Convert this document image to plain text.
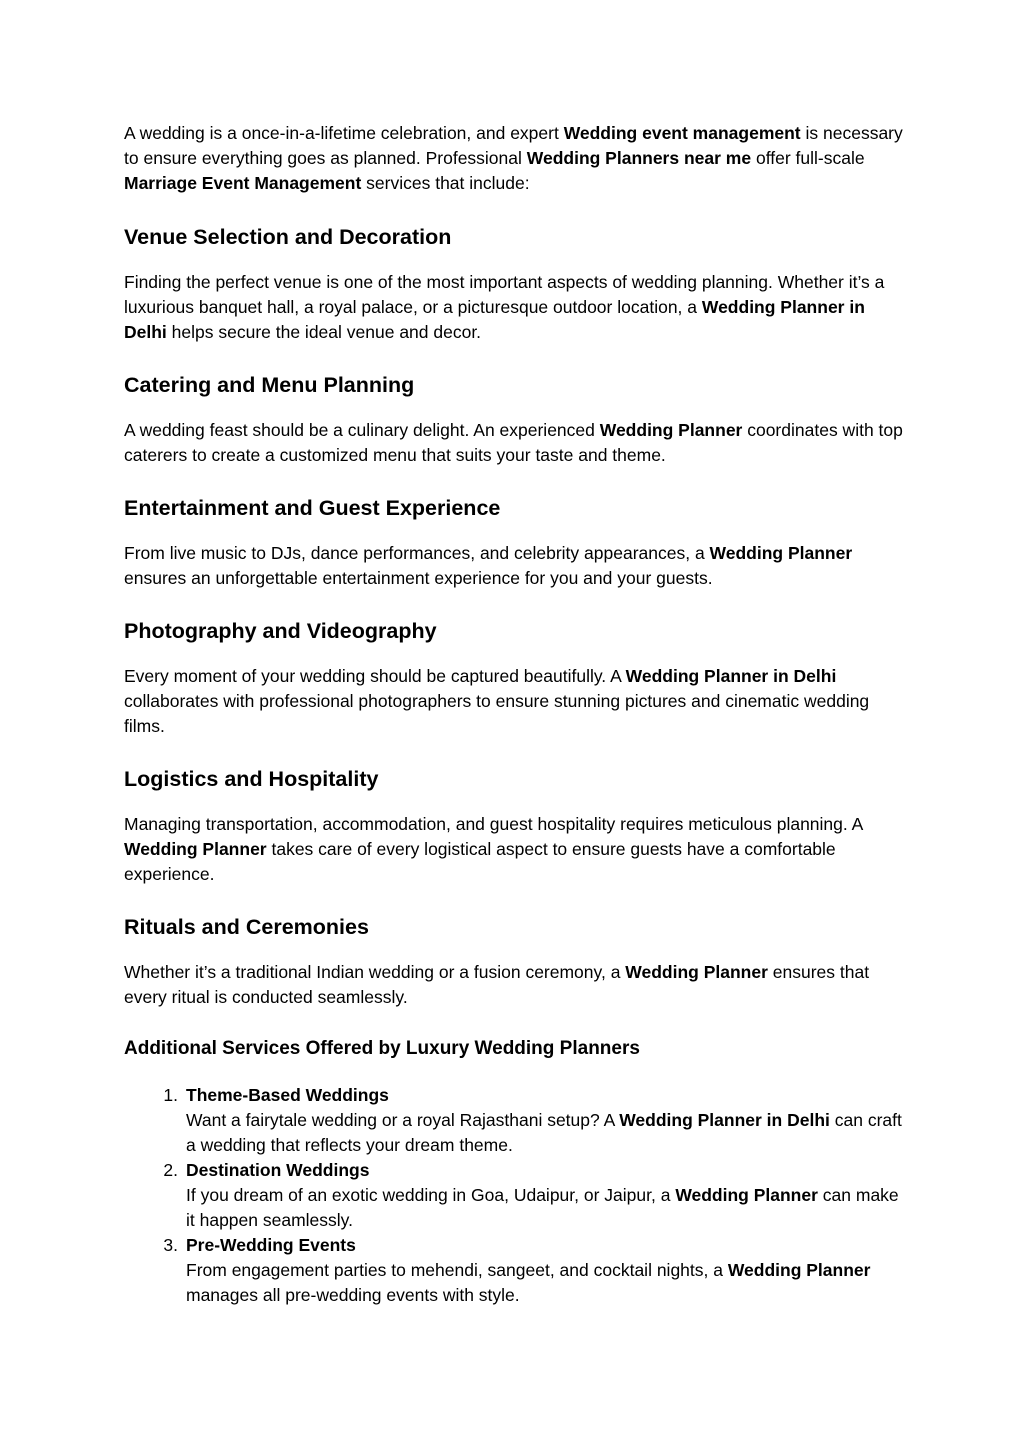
A wedding is a once-in-a-lifetime celebration, and expert Wedding event management is necessary to ensure everything goes as planned. Professional Wedding Planners near me offer full-scale Marriage Event Management services that include:

Venue Selection and Decoration

Finding the perfect venue is one of the most important aspects of wedding planning. Whether it’s a luxurious banquet hall, a royal palace, or a picturesque outdoor location, a Wedding Planner in Delhi helps secure the ideal venue and decor.

Catering and Menu Planning

A wedding feast should be a culinary delight. An experienced Wedding Planner coordinates with top caterers to create a customized menu that suits your taste and theme.

Entertainment and Guest Experience

From live music to DJs, dance performances, and celebrity appearances, a Wedding Planner ensures an unforgettable entertainment experience for you and your guests.

Photography and Videography

Every moment of your wedding should be captured beautifully. A Wedding Planner in Delhi collaborates with professional photographers to ensure stunning pictures and cinematic wedding films.

Logistics and Hospitality

Managing transportation, accommodation, and guest hospitality requires meticulous planning. A Wedding Planner takes care of every logistical aspect to ensure guests have a comfortable experience.

Rituals and Ceremonies

Whether it’s a traditional Indian wedding or a fusion ceremony, a Wedding Planner ensures that every ritual is conducted seamlessly.

Additional Services Offered by Luxury Wedding Planners
1. Theme-Based Weddings
Want a fairytale wedding or a royal Rajasthani setup? A Wedding Planner in Delhi can craft a wedding that reflects your dream theme.
2. Destination Weddings
If you dream of an exotic wedding in Goa, Udaipur, or Jaipur, a Wedding Planner can make it happen seamlessly.
3. Pre-Wedding Events
From engagement parties to mehendi, sangeet, and cocktail nights, a Wedding Planner manages all pre-wedding events with style.
